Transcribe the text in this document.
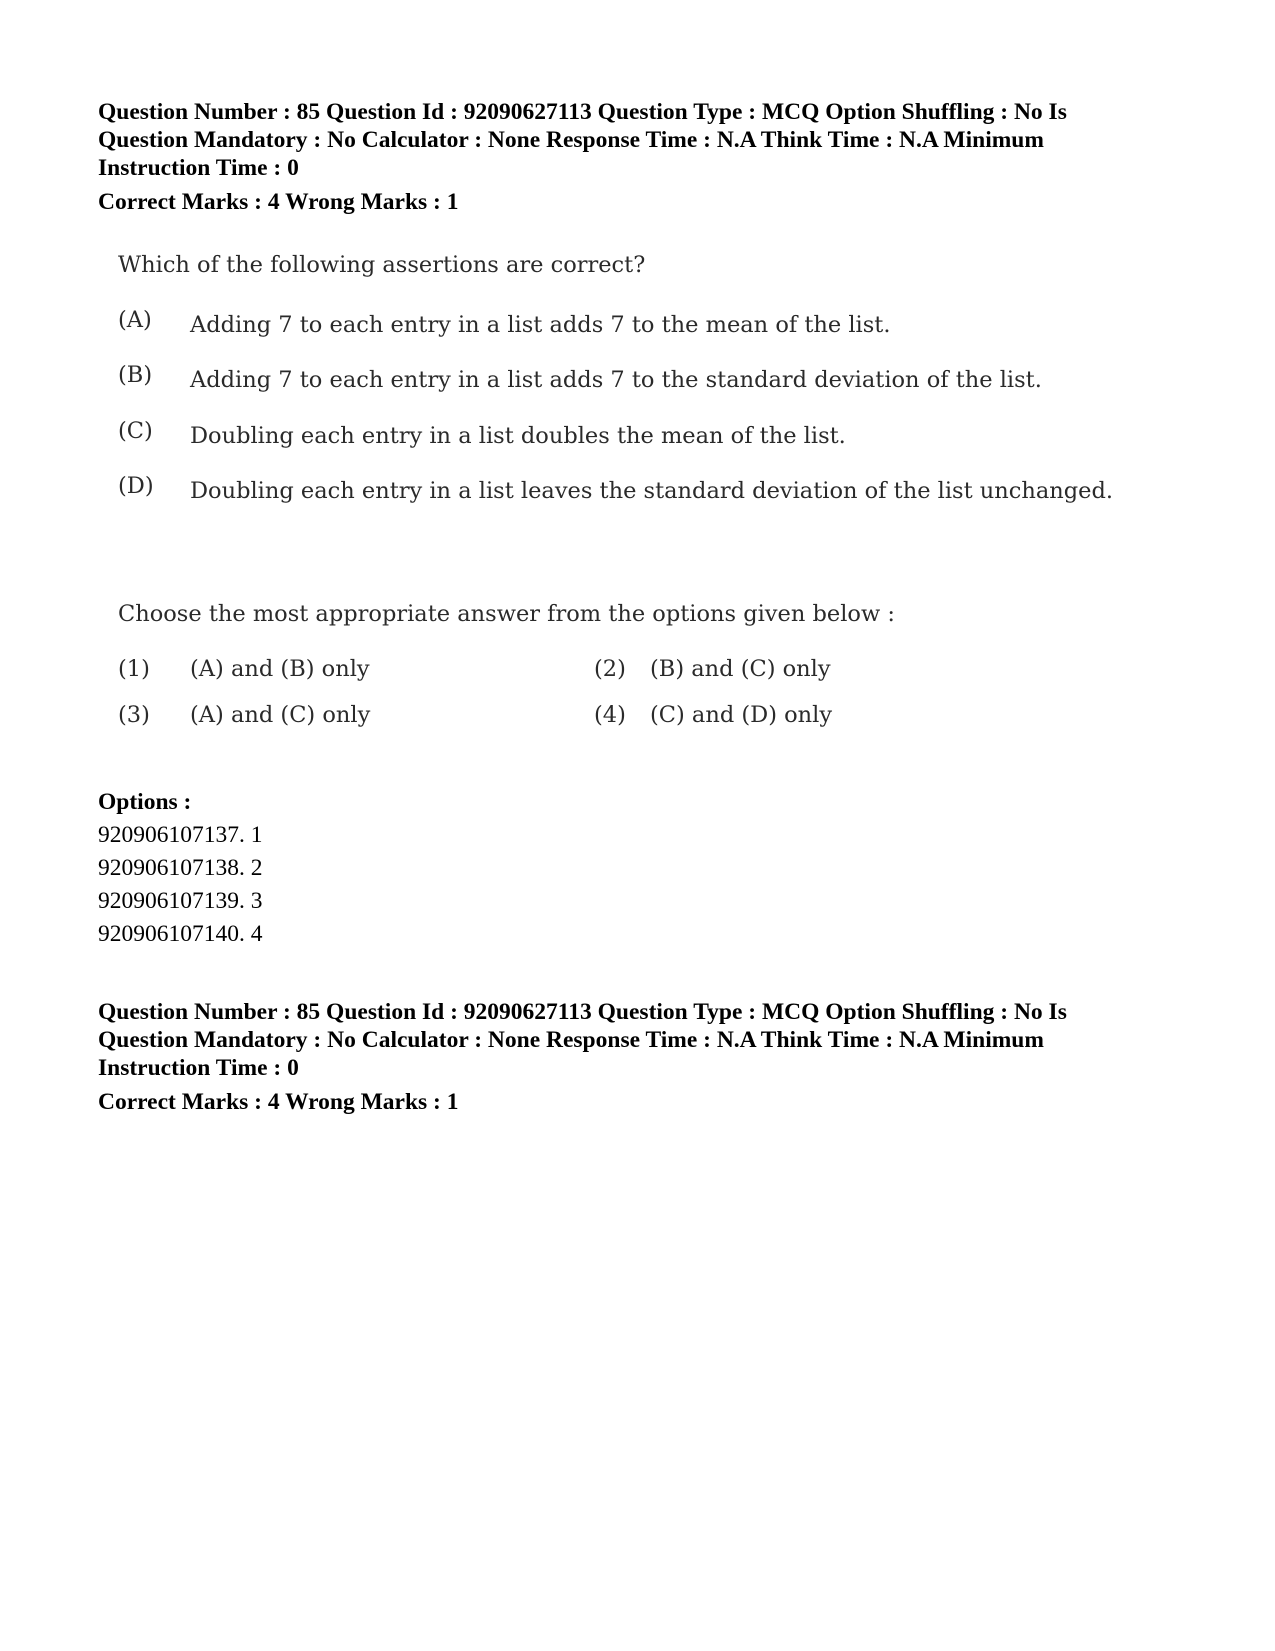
Question Number : 85 Question Id : 92090627113 Question Type : MCQ Option Shuffling : No Is

Question Mandatory : No Calculator : None Response Time : N.A Think Time : N.A Minimum

Instruction Time : 0

Correct Marks : 4 Wrong Marks : 1

Which of the following assertions are correct?
(A) Adding 7 to each entry in a list adds 7 to the mean of the list.
(B) Adding 7 to each entry in a list adds 7 to the standard deviation of the list.
(C) Doubling each entry in a list doubles the mean of the list.
(D) Doubling each entry in a list leaves the standard deviation of the list unchanged.
Choose the most appropriate answer from the options given below :
(1) (A) and (B) only	(2) (B) and (C) only
(3) (A) and (C) only	(4) (C) and (D) only

Options :

920906107137. 1

920906107138. 2

920906107139. 3

920906107140. 4

Question Number : 85 Question Id : 92090627113 Question Type : MCQ Option Shuffling : No Is

Question Mandatory : No Calculator : None Response Time : N.A Think Time : N.A Minimum

Instruction Time : 0

Correct Marks : 4 Wrong Marks : 1
